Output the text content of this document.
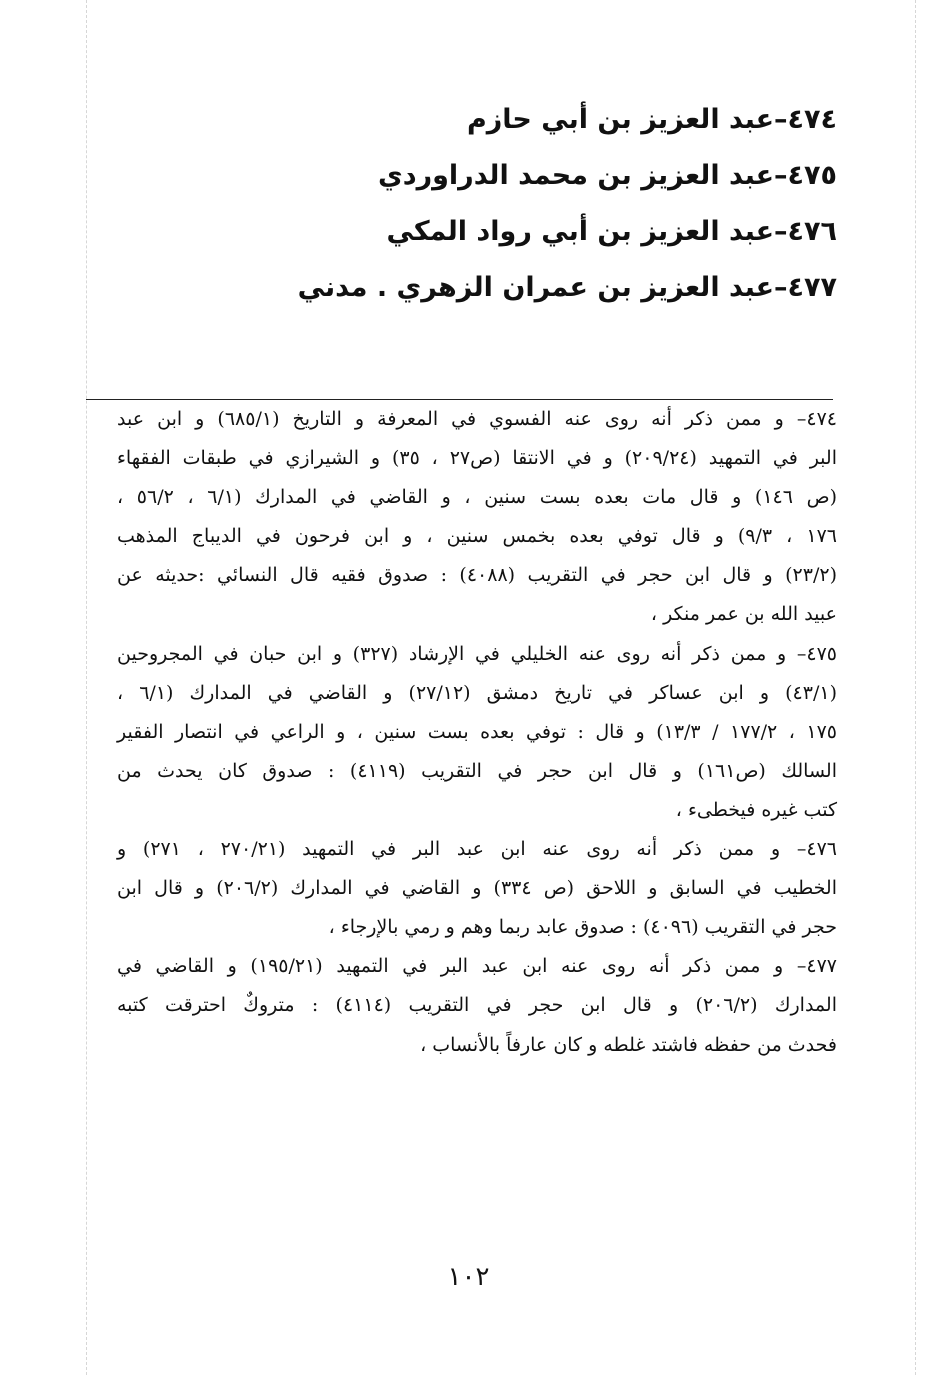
٤٧٤–عبد العزيز بن أبي حازم
٤٧٥–عبد العزيز بن محمد الدراوردي
٤٧٦–عبد العزيز بن أبي رواد المكي
٤٧٧–عبد العزيز بن عمران الزهري . مدني
٤٧٤– و ممن ذكر أنه روى عنه الفسوي في المعرفة و التاريخ (٦٨٥/١) و ابن عبد
البر في التمهيد (٢٠٩/٢٤) و في الانتقا (ص٢٧ ، ٣٥) و الشيرازي في طبقات الفقهاء
(ص ١٤٦) و قال مات بعده بست سنين ، و القاضي في المدارك (٦/١ ، ٥٦/٢ ،
١٧٦ ، ٩/٣) و قال توفي بعده بخمس سنين ، و ابن فرحون في الديباج المذهب
(٢٣/٢) و قال ابن حجر في التقريب (٤٠٨٨) : صدوق فقيه قال النسائي :حديثه عن
عبيد الله بن عمر منكر ،
٤٧٥– و ممن ذكر أنه روى عنه الخليلي في الإرشاد (٣٢٧) و ابن حبان في المجروحين
(٤٣/١) و ابن عساكر في تاريخ دمشق (٢٧/١٢) و القاضي في المدارك (٦/١ ،
١٧٥ ، ١٧٧/٢ / ١٣/٣) و قال : توفي بعده بست سنين ، و الراعي في انتصار الفقير
السالك (ص١٦١) و قال ابن حجر في التقريب (٤١١٩) : صدوق كان يحدث من
كتب غيره فيخطىء ،
٤٧٦– و ممن ذكر أنه روى عنه ابن عبد البر في التمهيد (٢٧٠/٢١ ، ٢٧١) و
الخطيب في السابق و اللاحق (ص ٣٣٤) و القاضي في المدارك (٢٠٦/٢) و قال ابن
حجر في التقريب (٤٠٩٦) : صدوق عابد ربما وهم و رمي بالإرجاء ،
٤٧٧– و ممن ذكر أنه روى عنه ابن عبد البر في التمهيد (١٩٥/٢١) و القاضي في
المدارك (٢٠٦/٢) و قال ابن حجر في التقريب (٤١١٤) : متروكٌ احترقت كتبه
فحدث من حفظه فاشتد غلطه و كان عارفاً بالأنساب ،
١٠٢
